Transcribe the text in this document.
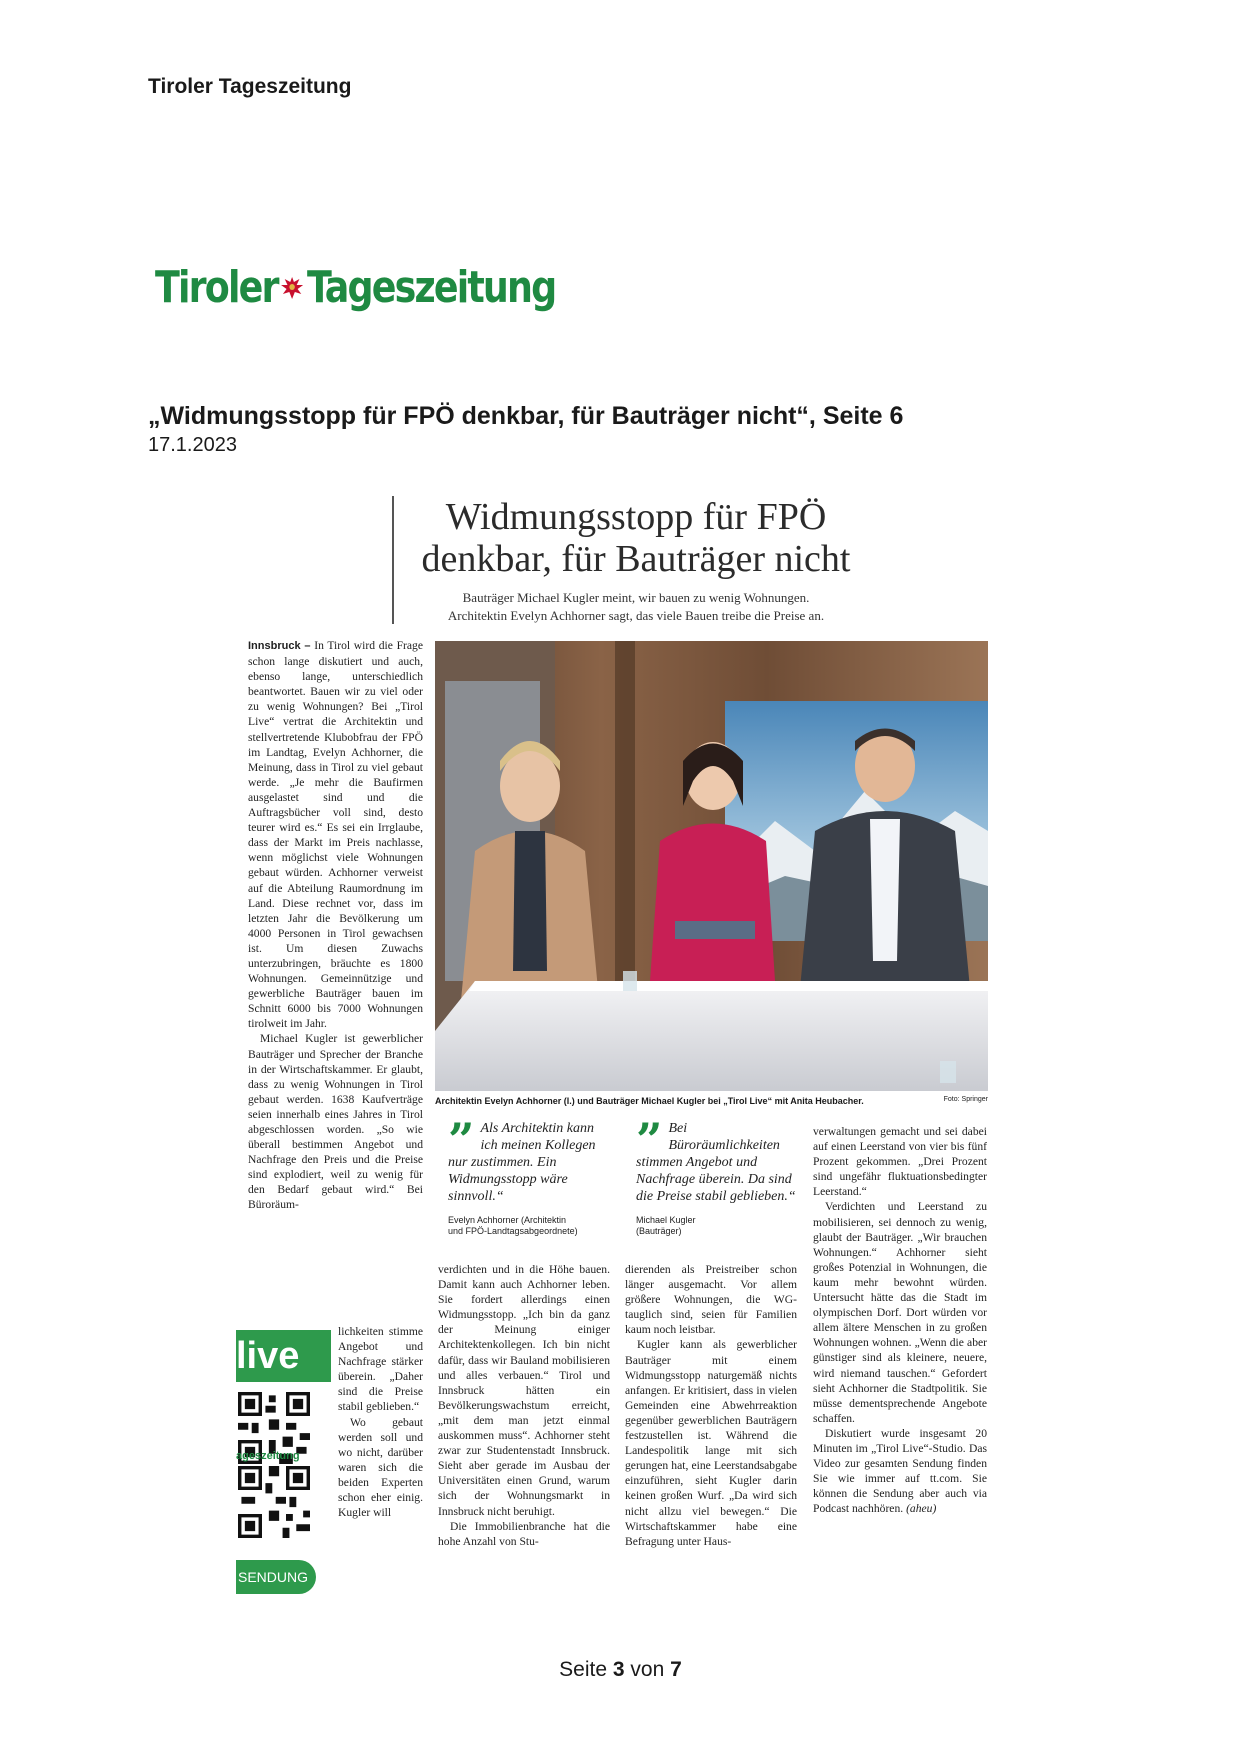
Tiroler Tageszeitung
Tiroler Tageszeitung
„Widmungsstopp für FPÖ denkbar, für Bauträger nicht“, Seite 6
17.1.2023
Widmungsstopp für FPÖ
denkbar, für Bauträger nicht
Bauträger Michael Kugler meint, wir bauen zu wenig Wohnungen.
Architektin Evelyn Achhorner sagt, das viele Bauen treibe die Preise an.
Architektin Evelyn Achhorner (l.) und Bauträger Michael Kugler bei „Tirol Live“ mit Anita Heubacher.	Foto: Springer

Innsbruck – In Tirol wird die Frage schon lange diskutiert und auch, ebenso lange, unterschiedlich beantwortet. Bauen wir zu viel oder zu wenig Wohnungen? Bei „Tirol Live“ vertrat die Architektin und stellvertretende Klubobfrau der FPÖ im Landtag, Evelyn Achhorner, die Meinung, dass in Tirol zu viel gebaut werde. „Je mehr die Baufirmen ausgelastet sind und die Auftragsbücher voll sind, desto teurer wird es.“ Es sei ein Irrglaube, dass der Markt im Preis nachlasse, wenn möglichst viele Wohnungen gebaut würden. Achhorner verweist auf die Abteilung Raumordnung im Land. Diese rechnet vor, dass im letzten Jahr die Bevölkerung um 4000 Personen in Tirol gewachsen ist. Um diesen Zuwachs unterzubringen, bräuchte es 1800 Wohnungen. Gemeinnützige und gewerbliche Bauträger bauen im Schnitt 6000 bis 7000 Wohnungen tirolweit im Jahr.

Michael Kugler ist gewerblicher Bauträger und Sprecher der Branche in der Wirtschaftskammer. Er glaubt, dass zu wenig Wohnungen in Tirol gebaut werden. 1638 Kaufverträge seien innerhalb eines Jahres in Tirol abgeschlossen worden. „So wie überall bestimmen Angebot und Nachfrage den Preis und die Preise sind explodiert, weil zu wenig für den Bedarf gebaut wird.“ Bei Büroräum-

live
ageszeitung
SENDUNG

lichkeiten stimme Angebot und Nachfrage stärker überein. „Daher sind die Preise stabil geblieben.“

Wo gebaut werden soll und wo nicht, darüber waren sich die beiden Experten schon eher einig. Kugler will

” Als Architektin kann ich meinen Kollegen nur zustimmen. Ein Widmungsstopp wäre sinnvoll.“
Evelyn Achhorner (Architektin
und FPÖ-Landtagsabgeordnete)
” Bei Büroräumlichkeiten stimmen Angebot und Nachfrage überein. Da sind die Preise stabil geblieben.“
Michael Kugler
(Bauträger)

verdichten und in die Höhe bauen. Damit kann auch Achhorner leben. Sie fordert allerdings einen Widmungsstopp. „Ich bin da ganz der Meinung einiger Architektenkollegen. Ich bin nicht dafür, dass wir Bauland mobilisieren und alles verbauen.“ Tirol und Innsbruck hätten ein Bevölkerungswachstum erreicht, „mit dem man jetzt einmal auskommen muss“. Achhorner steht zwar zur Studentenstadt Innsbruck. Sieht aber gerade im Ausbau der Universitäten einen Grund, warum sich der Wohnungsmarkt in Innsbruck nicht beruhigt.

Die Immobilienbranche hat die hohe Anzahl von Stu-

dierenden als Preistreiber schon länger ausgemacht. Vor allem größere Wohnungen, die WG-tauglich sind, seien für Familien kaum noch leistbar.

Kugler kann als gewerblicher Bauträger mit einem Widmungsstopp naturgemäß nichts anfangen. Er kritisiert, dass in vielen Gemeinden eine Abwehrreaktion gegenüber gewerblichen Bauträgern festzustellen ist. Während die Landespolitik lange mit sich gerungen hat, eine Leerstandsabgabe einzuführen, sieht Kugler darin keinen großen Wurf. „Da wird sich nicht allzu viel bewegen.“ Die Wirtschaftskammer habe eine Befragung unter Haus-

verwaltungen gemacht und sei dabei auf einen Leerstand von vier bis fünf Prozent gekommen. „Drei Prozent sind ungefähr fluktuationsbedingter Leerstand.“

Verdichten und Leerstand zu mobilisieren, sei dennoch zu wenig, glaubt der Bauträger. „Wir brauchen Wohnungen.“ Achhorner sieht großes Potenzial in Wohnungen, die kaum mehr bewohnt würden. Untersucht hätte das die Stadt im olympischen Dorf. Dort würden vor allem ältere Menschen in zu großen Wohnungen wohnen. „Wenn die aber günstiger sind als kleinere, neuere, wird niemand tauschen.“ Gefordert sieht Achhorner die Stadtpolitik. Sie müsse dementsprechende Angebote schaffen.

Diskutiert wurde insgesamt 20 Minuten im „Tirol Live“-Studio. Das Video zur gesamten Sendung finden Sie wie immer auf tt.com. Sie können die Sendung aber auch via Podcast nachhören. (aheu)

Seite 3 von 7
